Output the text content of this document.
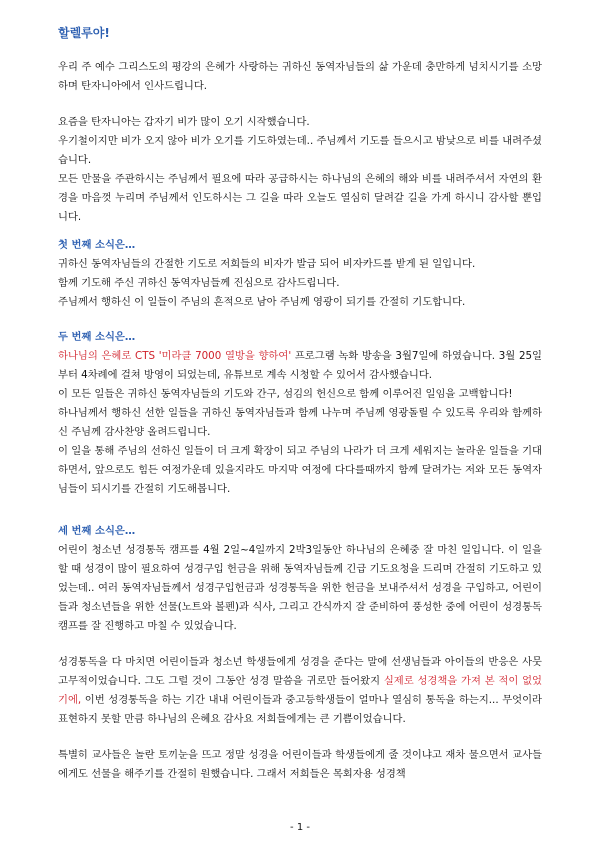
할렐루야!

우리 주 예수 그리스도의 평강의 은혜가 사랑하는 귀하신 동역자님들의 삶 가운데 충만하게 넘치시기를 소망하며 탄자니아에서 인사드립니다.

요즘을 탄자니아는 갑자기 비가 많이 오기 시작했습니다.

우기철이지만 비가 오지 않아 비가 오기를 기도하였는데.. 주님께서 기도를 들으시고 밤낮으로 비를 내려주셨습니다.

모든 만물을 주관하시는 주님께서 필요에 따라 공급하시는 하나님의 은혜의 해와 비를 내려주셔서 자연의 환경을 마음껏 누리며 주님께서 인도하시는 그 길을 따라 오늘도 열심히 달려갈 길을 가게 하시니 감사할 뿐입니다.

첫 번째 소식은…

귀하신 동역자님들의 간절한 기도로 저희들의 비자가 발급 되어 비자카드를 받게 된 일입니다.

함께 기도해 주신 귀하신 동역자님들께 진심으로 감사드립니다.

주님께서 행하신 이 일들이 주님의 흔적으로 남아 주님께 영광이 되기를 간절히 기도합니다.

두 번째 소식은…

하나님의 은혜로 CTS '미라클 7000 열방을 향하여' 프로그램 녹화 방송을 3월7일에 하였습니다. 3월 25일부터 4차례에 걸쳐 방영이 되었는데, 유튜브로 계속 시청할 수 있어서 감사했습니다.

이 모든 일들은 귀하신 동역자님들의 기도와 간구, 섬김의 헌신으로 함께 이루어진 일임을 고백합니다!

하나님께서 행하신 선한 일들을 귀하신 동역자님들과 함께 나누며 주님께 영광돌릴 수 있도록 우리와 함께하신 주님께 감사찬양 올려드립니다.

이 일을 통해 주님의 선하신 일들이 더 크게 확장이 되고 주님의 나라가 더 크게 세워지는 놀라운 일들을 기대하면서, 앞으로도 힘든 여정가운데 있을지라도 마지막 여정에 다다를때까지 함께 달려가는 저와 모든 동역자님들이 되시기를 간절히 기도해봅니다.

세 번째 소식은…

어린이 청소년 성경통독 캠프를 4월 2일~4일까지 2박3일동안 하나님의 은혜중 잘 마친 일입니다. 이 일을 할 때 성경이 많이 필요하여 성경구입 헌금을 위해 동역자님들께 긴급 기도요청을 드리며 간절히 기도하고 있었는데.. 여러 동역자님들께서 성경구입헌금과 성경통독을 위한 헌금을 보내주셔서 성경을 구입하고, 어린이들과 청소년들을 위한 선물(노트와 볼펜)과 식사, 그리고 간식까지 잘 준비하여 풍성한 중에 어린이 성경통독 캠프를 잘 진행하고 마칠 수 있었습니다.

성경통독을 다 마치면 어린이들과 청소년 학생들에게 성경을 준다는 말에 선생님들과 아이들의 반응은 사뭇 고무적이었습니다. 그도 그럴 것이 그동안 성경 말씀을 귀로만 들어왔지 실제로 성경책을 가져 본 적이 없었기에, 이번 성경통독을 하는 기간 내내 어린이들과 중고등학생들이 얼마나 열심히 통독을 하는지... 무엇이라 표현하지 못할 만큼 하나님의 은혜요 감사요 저희들에게는 큰 기쁨이었습니다.

특별히 교사들은 놀란 토끼눈을 뜨고 정말 성경을 어린이들과 학생들에게 줄 것이냐고 재차 물으면서 교사들에게도 선물을 해주기를 간절히 원했습니다. 그래서 저희들은 목회자용 성경책

- 1 -
